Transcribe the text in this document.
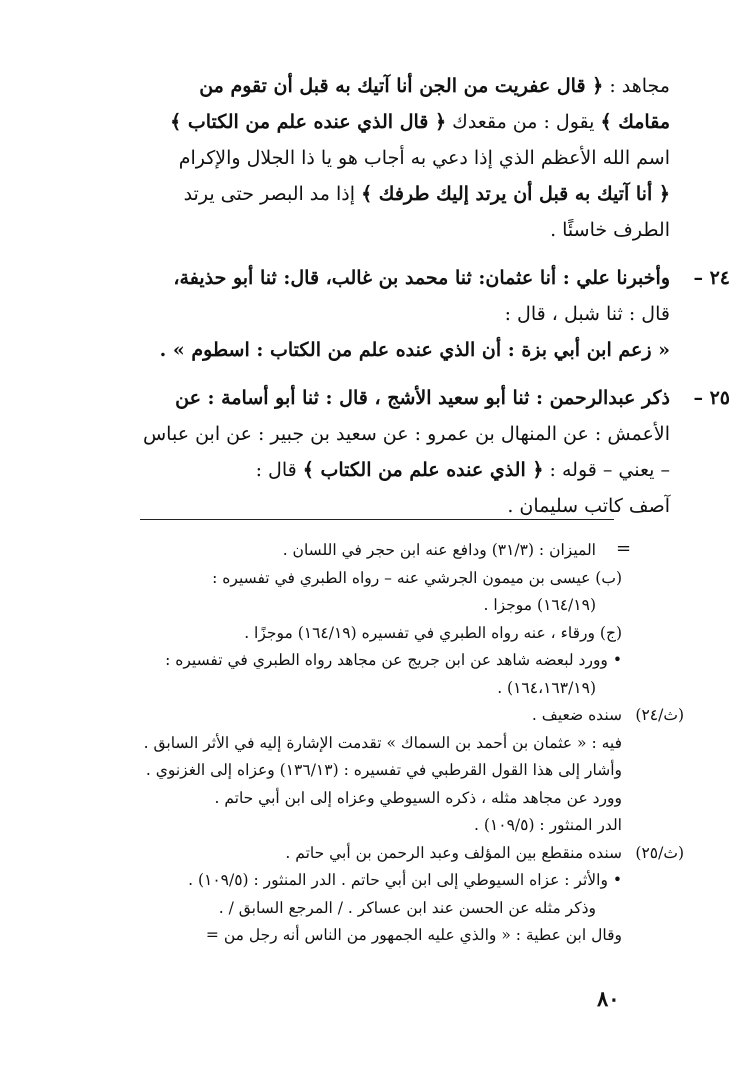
مجاهد : ﴿ قال عفريت من الجن أنا آتيك به قبل أن تقوم من
مقامك ﴾ يقول : من مقعدك ﴿ قال الذي عنده علم من الكتاب ﴾
اسم الله الأعظم الذي إذا دعي به أجاب هو يا ذا الجلال والإكرام
﴿ أنا آتيك به قبل أن يرتد إليك طرفك ﴾ إذا مد البصر حتى يرتد
الطرف خاسئًا .
٢٤ –
وأخبرنا علي : أنا عثمان: ثنا محمد بن غالب، قال: ثنا أبو حذيفة،
قال : ثنا شبل ، قال :
« زعم ابن أبي بزة : أن الذي عنده علم من الكتاب : اسطوم » .
٢٥ –
ذكر عبدالرحمن : ثنا أبو سعيد الأشج ، قال : ثنا أبو أسامة : عن
الأعمش : عن المنهال بن عمرو : عن سعيد بن جبير : عن ابن عباس
– يعني – قوله : ﴿ الذي عنده علم من الكتاب ﴾ قال :
آصف كاتب سليمان .
=
الميزان : (٣١/٣) ودافع عنه ابن حجر في اللسان .
(ب) عيسى بن ميمون الجرشي عنه – رواه الطبري في تفسيره :
(١٦٤/١٩) موجزا .
(ج) ورقاء ، عنه رواه الطبري في تفسيره (١٦٤/١٩) موجزًا .
• وورد لبعضه شاهد عن ابن جريج عن مجاهد رواه الطبري في تفسيره :
(١٦٤،١٦٣/١٩) .
(ث/٢٤)
سنده ضعيف .
فيه : « عثمان بن أحمد بن السماك » تقدمت الإشارة إليه في الأثر السابق .
وأشار إلى هذا القول القرطبي في تفسيره : (١٣٦/١٣) وعزاه إلى الغزنوي .
وورد عن مجاهد مثله ، ذكره السيوطي وعزاه إلى ابن أبي حاتم .
الدر المنثور : (١٠٩/٥) .
(ث/٢٥)
سنده منقطع بين المؤلف وعبد الرحمن بن أبي حاتم .
• والأثر : عزاه السيوطي إلى ابن أبي حاتم . الدر المنثور : (١٠٩/٥) .
وذكر مثله عن الحسن عند ابن عساكر . / المرجع السابق / .
وقال ابن عطية : « والذي عليه الجمهور من الناس أنه رجل من =
٨٠
